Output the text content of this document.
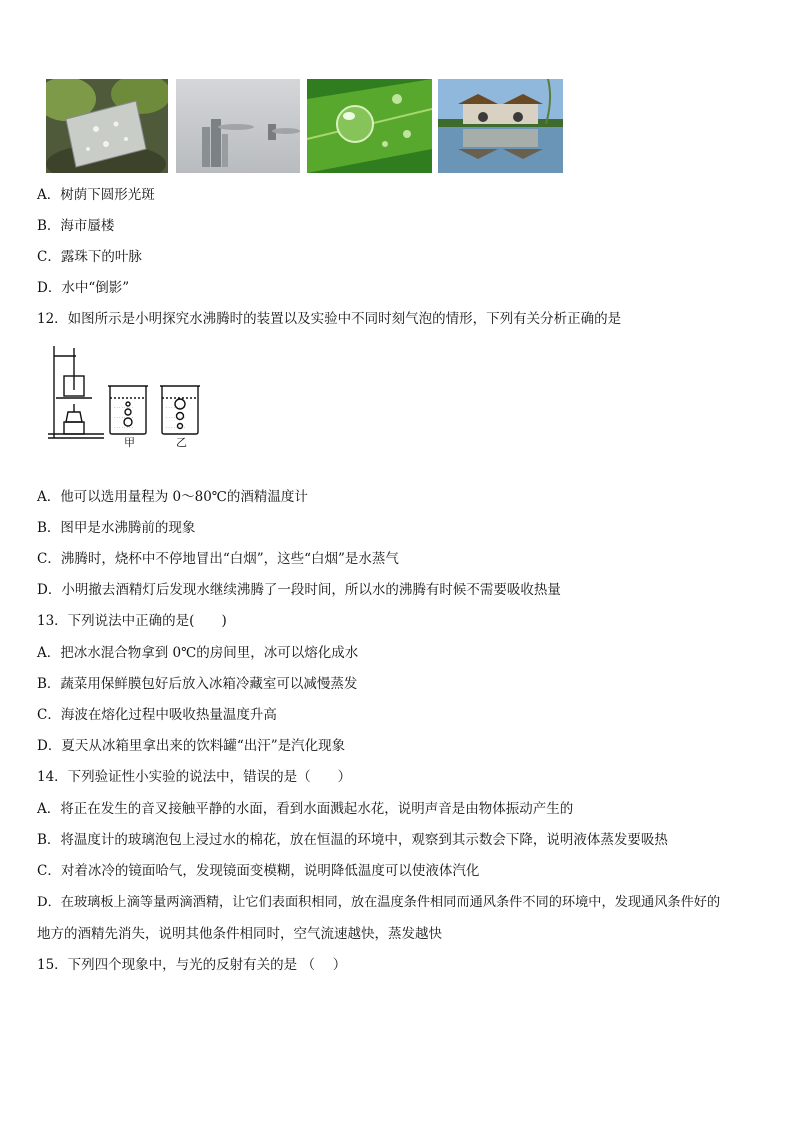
A．树荫下圆形光斑
B．海市蜃楼
C．露珠下的叶脉
D．水中“倒影”
12．如图所示是小明探究水沸腾时的装置以及实验中不同时刻气泡的情形，下列有关分析正确的是
. . . . . . . .
. . . . . . . .
. . . . . . . .
. . . . . . . .
. . . . . . . .
. . . . . . . .
甲	乙
A．他可以选用量程为 0～80℃的酒精温度计
B．图甲是水沸腾前的现象
C．沸腾时，烧杯中不停地冒出“白烟”，这些“白烟”是水蒸气
D．小明撤去酒精灯后发现水继续沸腾了一段时间，所以水的沸腾有时候不需要吸收热量
13．下列说法中正确的是(　　)
A．把冰水混合物拿到 0℃的房间里，冰可以熔化成水
B．蔬菜用保鲜膜包好后放入冰箱冷藏室可以减慢蒸发
C．海波在熔化过程中吸收热量温度升高
D．夏天从冰箱里拿出来的饮料罐“出汗”是汽化现象
14．下列验证性小实验的说法中，错误的是（　　）
A．将正在发生的音叉接触平静的水面，看到水面溅起水花，说明声音是由物体振动产生的
B．将温度计的玻璃泡包上浸过水的棉花，放在恒温的环境中，观察到其示数会下降，说明液体蒸发要吸热
C．对着冰冷的镜面哈气，发现镜面变模糊，说明降低温度可以使液体汽化
D．在玻璃板上滴等量两滴酒精，让它们表面积相同，放在温度条件相同而通风条件不同的环境中，发现通风条件好的
地方的酒精先消失，说明其他条件相同时，空气流速越快，蒸发越快
15．下列四个现象中，与光的反射有关的是 （　 ）
